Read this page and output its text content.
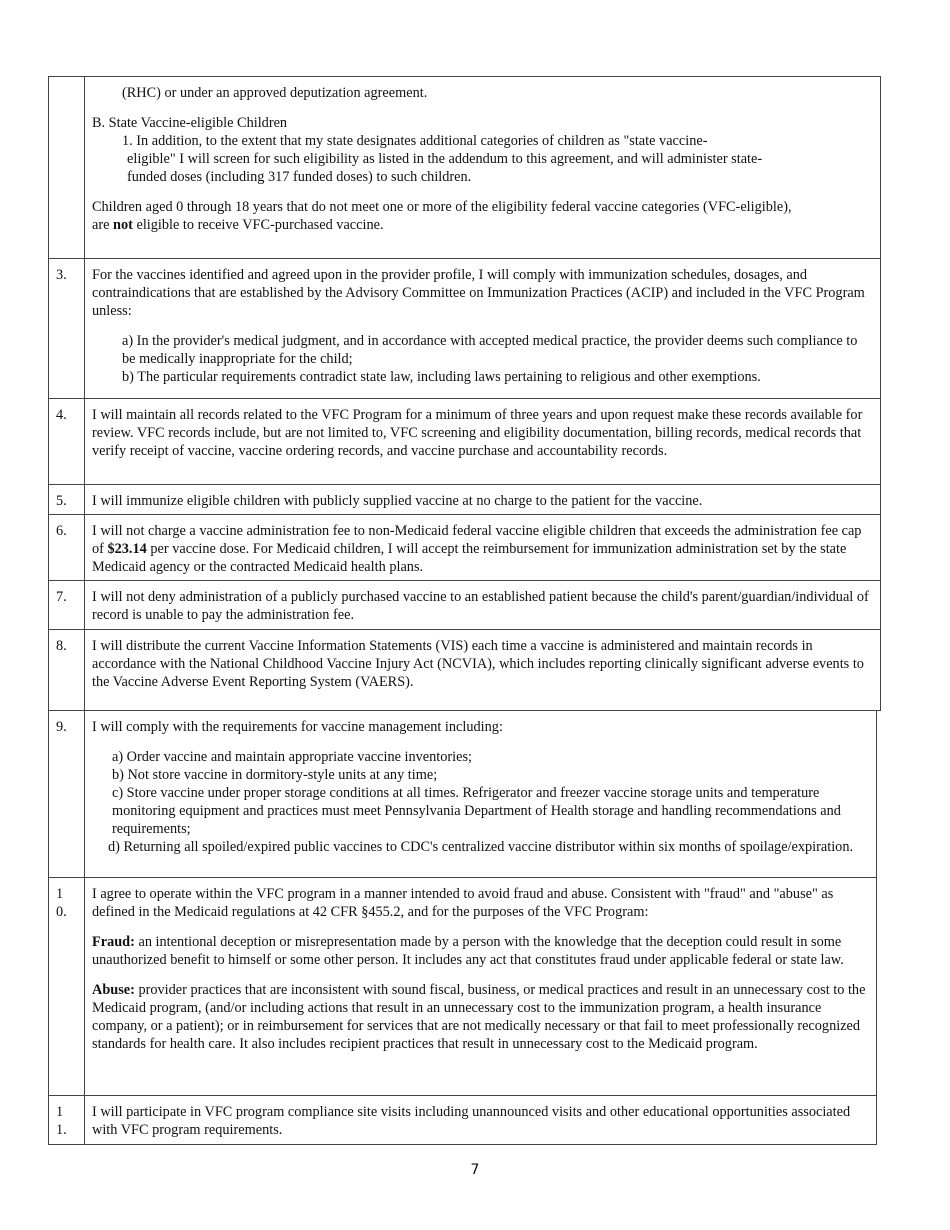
(RHC) or under an approved deputization agreement.

B. State Vaccine-eligible Children

1. In addition, to the extent that my state designates additional categories of children as "state vaccine-

eligible" I will screen for such eligibility as listed in the addendum to this agreement, and will administer state-

funded doses (including 317 funded doses) to such children.

Children aged 0 through 18 years that do not meet one or more of the eligibility federal vaccine categories (VFC-eligible),
are not eligible to receive VFC-purchased vaccine.

3.	For the vaccines identified and agreed upon in the provider profile, I will comply with immunization schedules, dosages, and contraindications that are established by the Advisory Committee on Immunization Practices (ACIP) and included in the VFC Program unless:

a) In the provider's medical judgment, and in accordance with accepted medical practice, the provider deems such compliance to be medically inappropriate for the child;

b) The particular requirements contradict state law, including laws pertaining to religious and other exemptions.

4.	I will maintain all records related to the VFC Program for a minimum of three years and upon request make these records available for review. VFC records include, but are not limited to, VFC screening and eligibility documentation, billing records, medical records that verify receipt of vaccine, vaccine ordering records, and vaccine purchase and accountability records.
5.	I will immunize eligible children with publicly supplied vaccine at no charge to the patient for the vaccine.
6.	I will not charge a vaccine administration fee to non-Medicaid federal vaccine eligible children that exceeds the administration fee cap of $23.14 per vaccine dose. For Medicaid children, I will accept the reimbursement for immunization administration set by the state Medicaid agency or the contracted Medicaid health plans.
7.	I will not deny administration of a publicly purchased vaccine to an established patient because the child's parent/guardian/individual of record is unable to pay the administration fee.
8.	I will distribute the current Vaccine Information Statements (VIS) each time a vaccine is administered and maintain records in accordance with the National Childhood Vaccine Injury Act (NCVIA), which includes reporting clinically significant adverse events to the Vaccine Adverse Event Reporting System (VAERS).
9.	I will comply with the requirements for vaccine management including:

a) Order vaccine and maintain appropriate vaccine inventories;

b) Not store vaccine in dormitory-style units at any time;

c) Store vaccine under proper storage conditions at all times. Refrigerator and freezer vaccine storage units and temperature monitoring equipment and practices must meet Pennsylvania Department of Health storage and handling recommendations and requirements;

d) Returning all spoiled/expired public vaccines to CDC's centralized vaccine distributor within six months of spoilage/expiration.

10.

I agree to operate within the VFC program in a manner intended to avoid fraud and abuse. Consistent with "fraud" and "abuse" as defined in the Medicaid regulations at 42 CFR §455.2, and for the purposes of the VFC Program:

Fraud: an intentional deception or misrepresentation made by a person with the knowledge that the deception could result in some unauthorized benefit to himself or some other person. It includes any act that constitutes fraud under applicable federal or state law.

Abuse: provider practices that are inconsistent with sound fiscal, business, or medical practices and result in an unnecessary cost to the Medicaid program, (and/or including actions that result in an unnecessary cost to the immunization program, a health insurance company, or a patient); or in reimbursement for services that are not medically necessary or that fail to meet professionally recognized standards for health care. It also includes recipient practices that result in unnecessary cost to the Medicaid program.

11.
I will participate in VFC program compliance site visits including unannounced visits and other educational opportunities associated with VFC program requirements.
7
